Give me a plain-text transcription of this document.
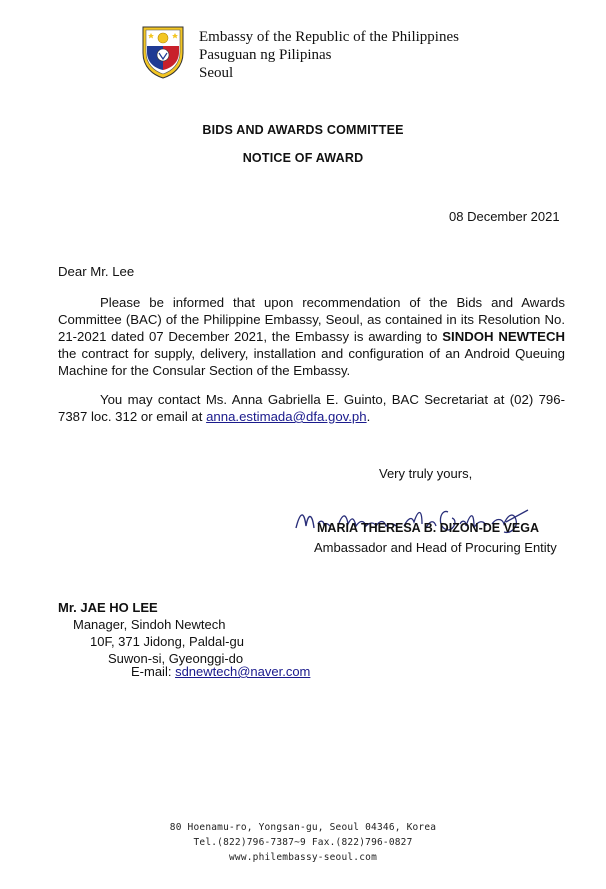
Embassy of the Republic of the Philippines
Pasuguan ng Pilipinas
Seoul
BIDS AND AWARDS COMMITTEE
NOTICE OF AWARD
08 December 2021
Dear Mr. Lee
Please be informed that upon recommendation of the Bids and Awards Committee (BAC) of the Philippine Embassy, Seoul, as contained in its Resolution No. 21-2021 dated 07 December 2021, the Embassy is awarding to SINDOH NEWTECH the contract for supply, delivery, installation and configuration of an Android Queuing Machine for the Consular Section of the Embassy.
You may contact Ms. Anna Gabriella E. Guinto, BAC Secretariat at (02) 796-7387 loc. 312 or email at anna.estimada@dfa.gov.ph.
Very truly yours,
MARIA THERESA B. DIZON-DE VEGA
Ambassador and Head of Procuring Entity
Mr. JAE HO LEE
Manager, Sindoh Newtech
10F, 371 Jidong, Paldal-gu
Suwon-si, Gyeonggi-do
E-mail: sdnewtech@naver.com
80 Hoenamu-ro, Yongsan-gu, Seoul 04346, Korea
Tel.(822)796-7387~9 Fax.(822)796-0827
www.philembassy-seoul.com
